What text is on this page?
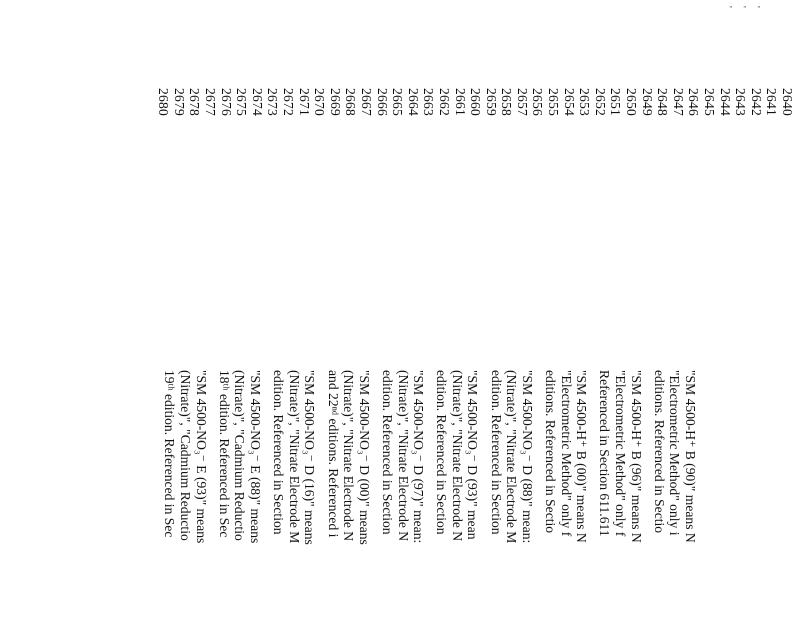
'
'
'
2640
2641
2642
2643
2644
2645
2646
2647
2648
2649
2650
2651
2652
2653
2654
2655
2656
2657
2658
2659
2660
2661
2662
2663
2664
2665
2666
2667
2668
2669
2670
2671
2672
2673
2674
2675
2676
2677
2678
2679
2680
"SM 4500-H⁺ B (90)" means N
"Electrometric Method" only i
editions. Referenced in Sectio
"SM 4500-H⁺ B (96)" means N
"Electrometric Method" only f
Referenced in Section 611.611
"SM 4500-H⁺ B (00)" means N
"Electrometric Method" only f
editions. Referenced in Sectio
"SM 4500-NO₃⁻ D (88)" mean:
(Nitrate)", "Nitrate Electrode M
edition. Referenced in Section
"SM 4500-NO₃⁻ D (93)" mean
(Nitrate)", "Nitrate Electrode N
edition. Referenced in Section
"SM 4500-NO₃⁻ D (97)" mean:
(Nitrate)", "Nitrate Electrode N
edition. Referenced in Section
"SM 4500-NO₃⁻ D (00)" means
(Nitrate)", "Nitrate Electrode N
and 22ⁿᵈ editions. Referenced i
"SM 4500-NO₃⁻ D (16)" means
(Nitrate)", "Nitrate Electrode M
edition. Referenced in Section
"SM 4500-NO₃⁻ E (88)" means
(Nitrate)", "Cadmium Reductio
18ᵗʰ edition. Referenced in Sec
"SM 4500-NO₃⁻ E (93)" means
(Nitrate)", "Cadmium Reductio
19ᵗʰ edition. Referenced in Sec
